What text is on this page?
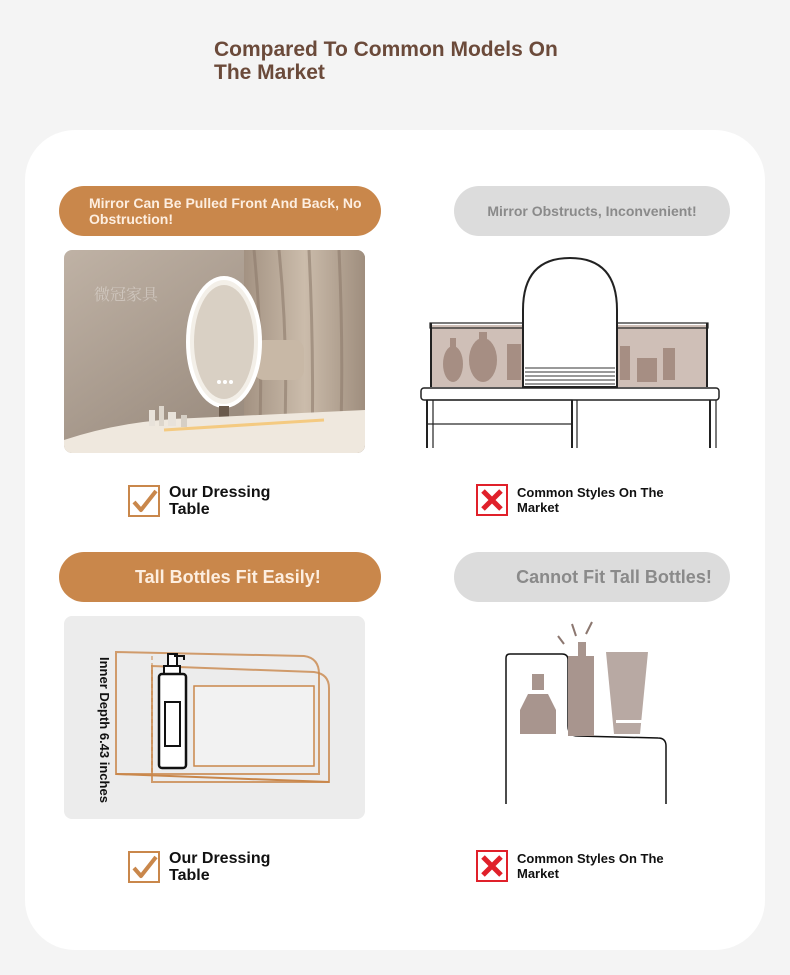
Compared To Common Models On The Market
Mirror Can Be Pulled Front And Back, No Obstruction!	Mirror Obstructs, Inconvenient!
微冠家具
Our Dressing Table
Common Styles On The Market
Tall Bottles Fit Easily!	Cannot Fit Tall Bottles!
Inner Depth 6.43 inches
Our Dressing Table
Common Styles On The Market
